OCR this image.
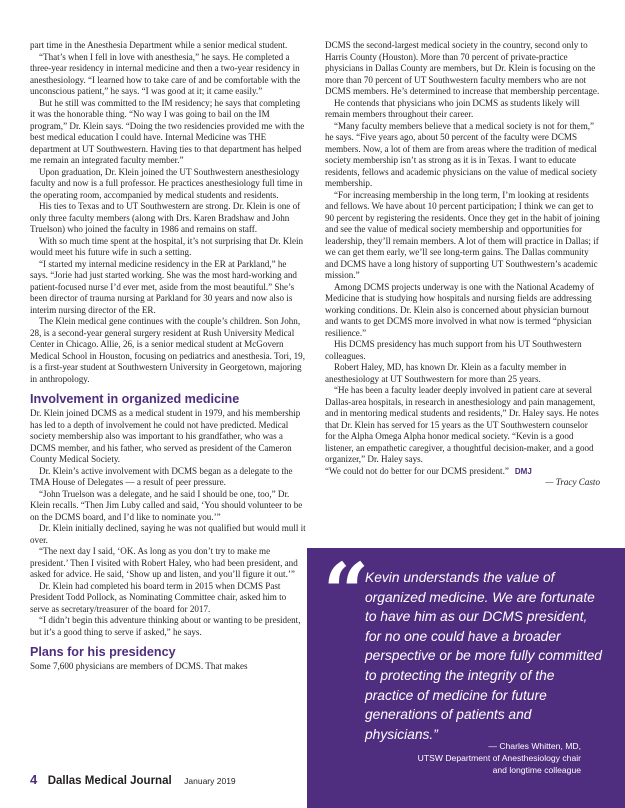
part time in the Anesthesia Department while a senior medical student.

“That’s when I fell in love with anesthesia,” he says. He completed a three-year residency in internal medicine and then a two-year residency in anesthesiology. “I learned how to take care of and be comfortable with the unconscious patient,” he says. “I was good at it; it came easily.”

But he still was committed to the IM residency; he says that completing it was the honorable thing. “No way I was going to bail on the IM program,” Dr. Klein says. “Doing the two residencies provided me with the best medical education I could have. Internal Medicine was THE department at UT Southwestern. Having ties to that department has helped me remain an integrated faculty member.”

Upon graduation, Dr. Klein joined the UT Southwestern anesthesiology faculty and now is a full professor. He practices anesthesiology full time in the operating room, accompanied by medical students and residents.

His ties to Texas and to UT Southwestern are strong. Dr. Klein is one of only three faculty members (along with Drs. Karen Bradshaw and John Truelson) who joined the faculty in 1986 and remains on staff.

With so much time spent at the hospital, it’s not surprising that Dr. Klein would meet his future wife in such a setting.

“I started my internal medicine residency in the ER at Parkland,” he says. “Jorie had just started working. She was the most hard-working and patient-focused nurse I’d ever met, aside from the most beautiful.” She’s been director of trauma nursing at Parkland for 30 years and now also is interim nursing director of the ER.

The Klein medical gene continues with the couple’s children. Son John, 28, is a second-year general surgery resident at Rush University Medical Center in Chicago. Allie, 26, is a senior medical student at McGovern Medical School in Houston, focusing on pediatrics and anesthesia. Tori, 19, is a first-year student at Southwestern University in Georgetown, majoring in anthropology.

Involvement in organized medicine

Dr. Klein joined DCMS as a medical student in 1979, and his membership has led to a depth of involvement he could not have predicted. Medical society membership also was important to his grandfather, who was a DCMS member, and his father, who served as president of the Cameron County Medical Society.

Dr. Klein’s active involvement with DCMS began as a delegate to the TMA House of Delegates — a result of peer pressure.

“John Truelson was a delegate, and he said I should be one, too,” Dr. Klein recalls. “Then Jim Luby called and said, ‘You should volunteer to be on the DCMS board, and I’d like to nominate you.’”

Dr. Klein initially declined, saying he was not qualified but would mull it over.

“The next day I said, ‘OK. As long as you don’t try to make me president.’ Then I visited with Robert Haley, who had been president, and asked for advice. He said, ‘Show up and listen, and you’ll figure it out.’”

Dr. Klein had completed his board term in 2015 when DCMS Past President Todd Pollock, as Nominating Committee chair, asked him to serve as secretary/treasurer of the board for 2017.

“I didn’t begin this adventure thinking about or wanting to be president, but it’s a good thing to serve if asked,” he says.

Plans for his presidency

Some 7,600 physicians are members of DCMS. That makes

DCMS the second-largest medical society in the country, second only to Harris County (Houston). More than 70 percent of private-practice physicians in Dallas County are members, but Dr. Klein is focusing on the more than 70 percent of UT Southwestern faculty members who are not DCMS members. He’s determined to increase that membership percentage.

He contends that physicians who join DCMS as students likely will remain members throughout their career.

“Many faculty members believe that a medical society is not for them,” he says. “Five years ago, about 50 percent of the faculty were DCMS members. Now, a lot of them are from areas where the tradition of medical society membership isn’t as strong as it is in Texas. I want to educate residents, fellows and academic physicians on the value of medical society membership.

“For increasing membership in the long term, I’m looking at residents and fellows. We have about 10 percent participation; I think we can get to 90 percent by registering the residents. Once they get in the habit of joining and see the value of medical society membership and opportunities for leadership, they’ll remain members. A lot of them will practice in Dallas; if we can get them early, we’ll see long-term gains. The Dallas community and DCMS have a long history of supporting UT Southwestern’s academic mission.”

Among DCMS projects underway is one with the National Academy of Medicine that is studying how hospitals and nursing fields are addressing working conditions. Dr. Klein also is concerned about physician burnout and wants to get DCMS more involved in what now is termed “physician resilience.”

His DCMS presidency has much support from his UT Southwestern colleagues.

Robert Haley, MD, has known Dr. Klein as a faculty member in anesthesiology at UT Southwestern for more than 25 years.

“He has been a faculty leader deeply involved in patient care at several Dallas-area hospitals, in research in anesthesiology and pain management, and in mentoring medical students and residents,” Dr. Haley says. He notes that Dr. Klein has served for 15 years as the UT Southwestern counselor for the Alpha Omega Alpha honor medical society. “Kevin is a good listener, an empathetic caregiver, a thoughtful decision-maker, and a good organizer,” Dr. Haley says.

“We could not do better for our DCMS president.” DMJ

— Tracy Casto

“
Kevin understands the value of organized medicine. We are fortunate to have him as our DCMS president, for no one could have a broader perspective or be more fully committed to protecting the integrity of the practice of medicine for future generations of patients and physicians.”
— Charles Whitten, MD,
UTSW Department of Anesthesiology chair
and longtime colleague
4 Dallas Medical Journal January 2019
